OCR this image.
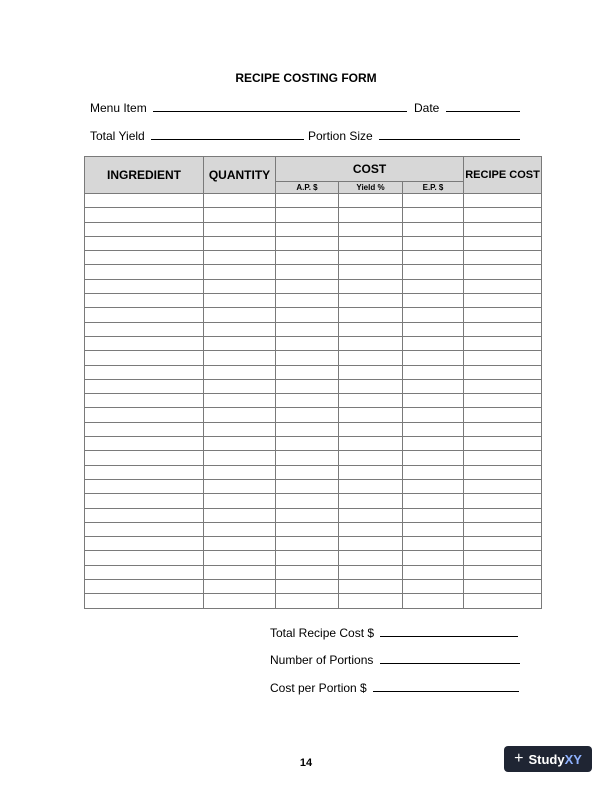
RECIPE COSTING FORM
Menu Item	Date
Total Yield	Portion Size
INGREDIENT	QUANTITY	COST			RECIPE COST
		A.P. $	Yield %	E.P. $	

Total Recipe Cost $
Number of Portions
Cost per Portion $
14	+ Study XY
